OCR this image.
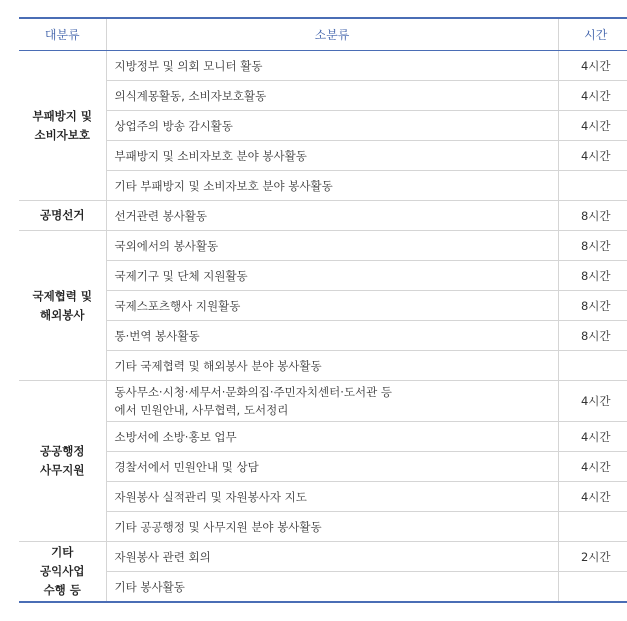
대분류	소분류	시간

부패방지 및
소비자보호	지방정부 및 의회 모니터 활동	4시간
	의식계몽활동, 소비자보호활동	4시간
	상업주의 방송 감시활동	4시간
	부패방지 및 소비자보호 분야 봉사활동	4시간
	기타 부패방지 및 소비자보호 분야 봉사활동	

공명선거	선거관련 봉사활동	8시간

국제협력 및
해외봉사	국외에서의 봉사활동	8시간
	국제기구 및 단체 지원활동	8시간
	국제스포츠행사 지원활동	8시간
	통·번역 봉사활동	8시간
	기타 국제협력 및 해외봉사 분야 봉사활동	

공공행정
사무지원	동사무소·시청·세무서·문화의집·주민자치센터·도서관 등
에서 민원안내, 사무협력, 도서정리	4시간
	소방서에 소방·홍보 업무	4시간
	경찰서에서 민원안내 및 상담	4시간
	자원봉사 실적관리 및 자원봉사자 지도	4시간
	기타 공공행정 및 사무지원 분야 봉사활동	

기타
공익사업
수행 등	자원봉사 관련 회의	2시간
	기타 봉사활동	
